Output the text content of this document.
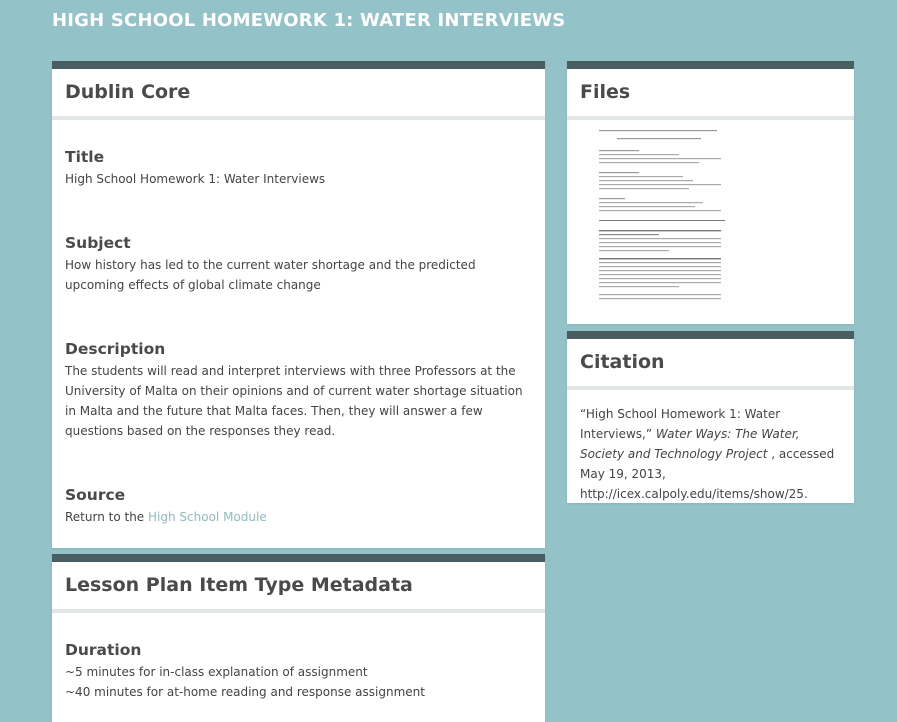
HIGH SCHOOL HOMEWORK 1: WATER INTERVIEWS
Dublin Core
Title

High School Homework 1: Water Interviews

Subject

How history has led to the current water shortage and the predicted upcoming effects of global climate change

Description

The students will read and interpret interviews with three Professors at the University of Malta on their opinions and of current water shortage situation in Malta and the future that Malta faces. Then, they will answer a few questions based on the responses they read.

Source

Return to the High School Module

Lesson Plan Item Type Metadata
Duration

~5 minutes for in-class explanation of assignment
~40 minutes for at-home reading and response assignment

Files
Citation

“High School Homework 1: Water Interviews,” Water Ways: The Water, Society and Technology Project , accessed May 19, 2013, http://icex.calpoly.edu/items/show/25.
